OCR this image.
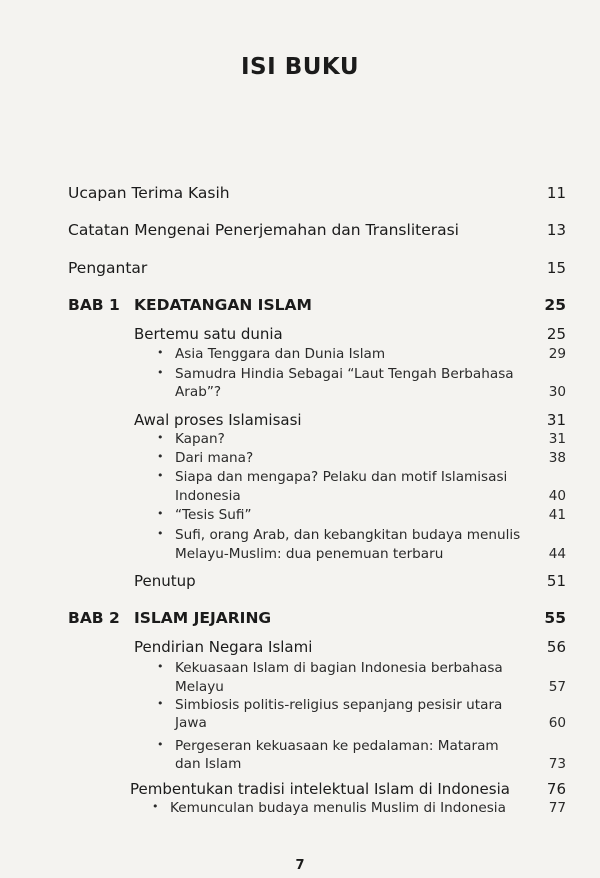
ISI BUKU
Ucapan Terima Kasih	11
Catatan Mengenai Penerjemahan dan Transliterasi	13
Pengantar	15
BAB 1 KEDATANGAN ISLAM	25
Bertemu satu dunia	25
• Asia Tenggara dan Dunia Islam	29
• Samudra Hindia Sebagai “Laut Tengah Berbahasa
Arab”?	30
Awal proses Islamisasi	31
• Kapan?	31
• Dari mana?	38
• Siapa dan mengapa? Pelaku dan motif Islamisasi
Indonesia	40
• “Tesis Sufi”	41
• Sufi, orang Arab, dan kebangkitan budaya menulis
Melayu-Muslim: dua penemuan terbaru	44
Penutup	51
BAB 2 ISLAM JEJARING	55
Pendirian Negara Islami	56
• Kekuasaan Islam di bagian Indonesia berbahasa
Melayu	57
• Simbiosis politis-religius sepanjang pesisir utara
Jawa	60
• Pergeseran kekuasaan ke pedalaman: Mataram
dan Islam	73
Pembentukan tradisi intelektual Islam di Indonesia 76
• Kemunculan budaya menulis Muslim di Indonesia	77
7
